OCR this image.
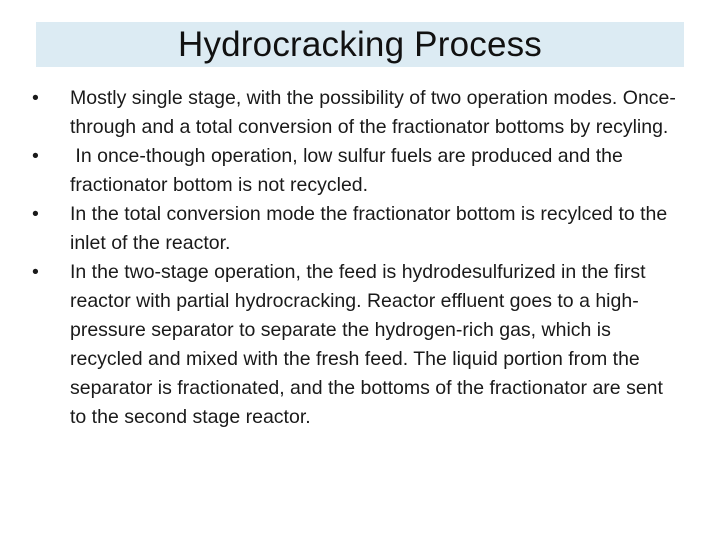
Hydrocracking Process
•	Mostly single stage, with the possibility of two operation modes. Once-through and a total conversion of the fractionator bottoms by recyling.
•	In once-though operation, low sulfur fuels are produced and the fractionator bottom is not recycled.
•	In the total conversion mode the fractionator bottom is recylced to the inlet of the reactor.
•	In the two-stage operation, the feed is hydrodesulfurized in the first reactor with partial hydrocracking. Reactor effluent goes to a high-pressure separator to separate the hydrogen-rich gas, which is recycled and mixed with the fresh feed. The liquid portion from the separator is fractionated, and the bottoms of the fractionator are sent to the second stage reactor.
